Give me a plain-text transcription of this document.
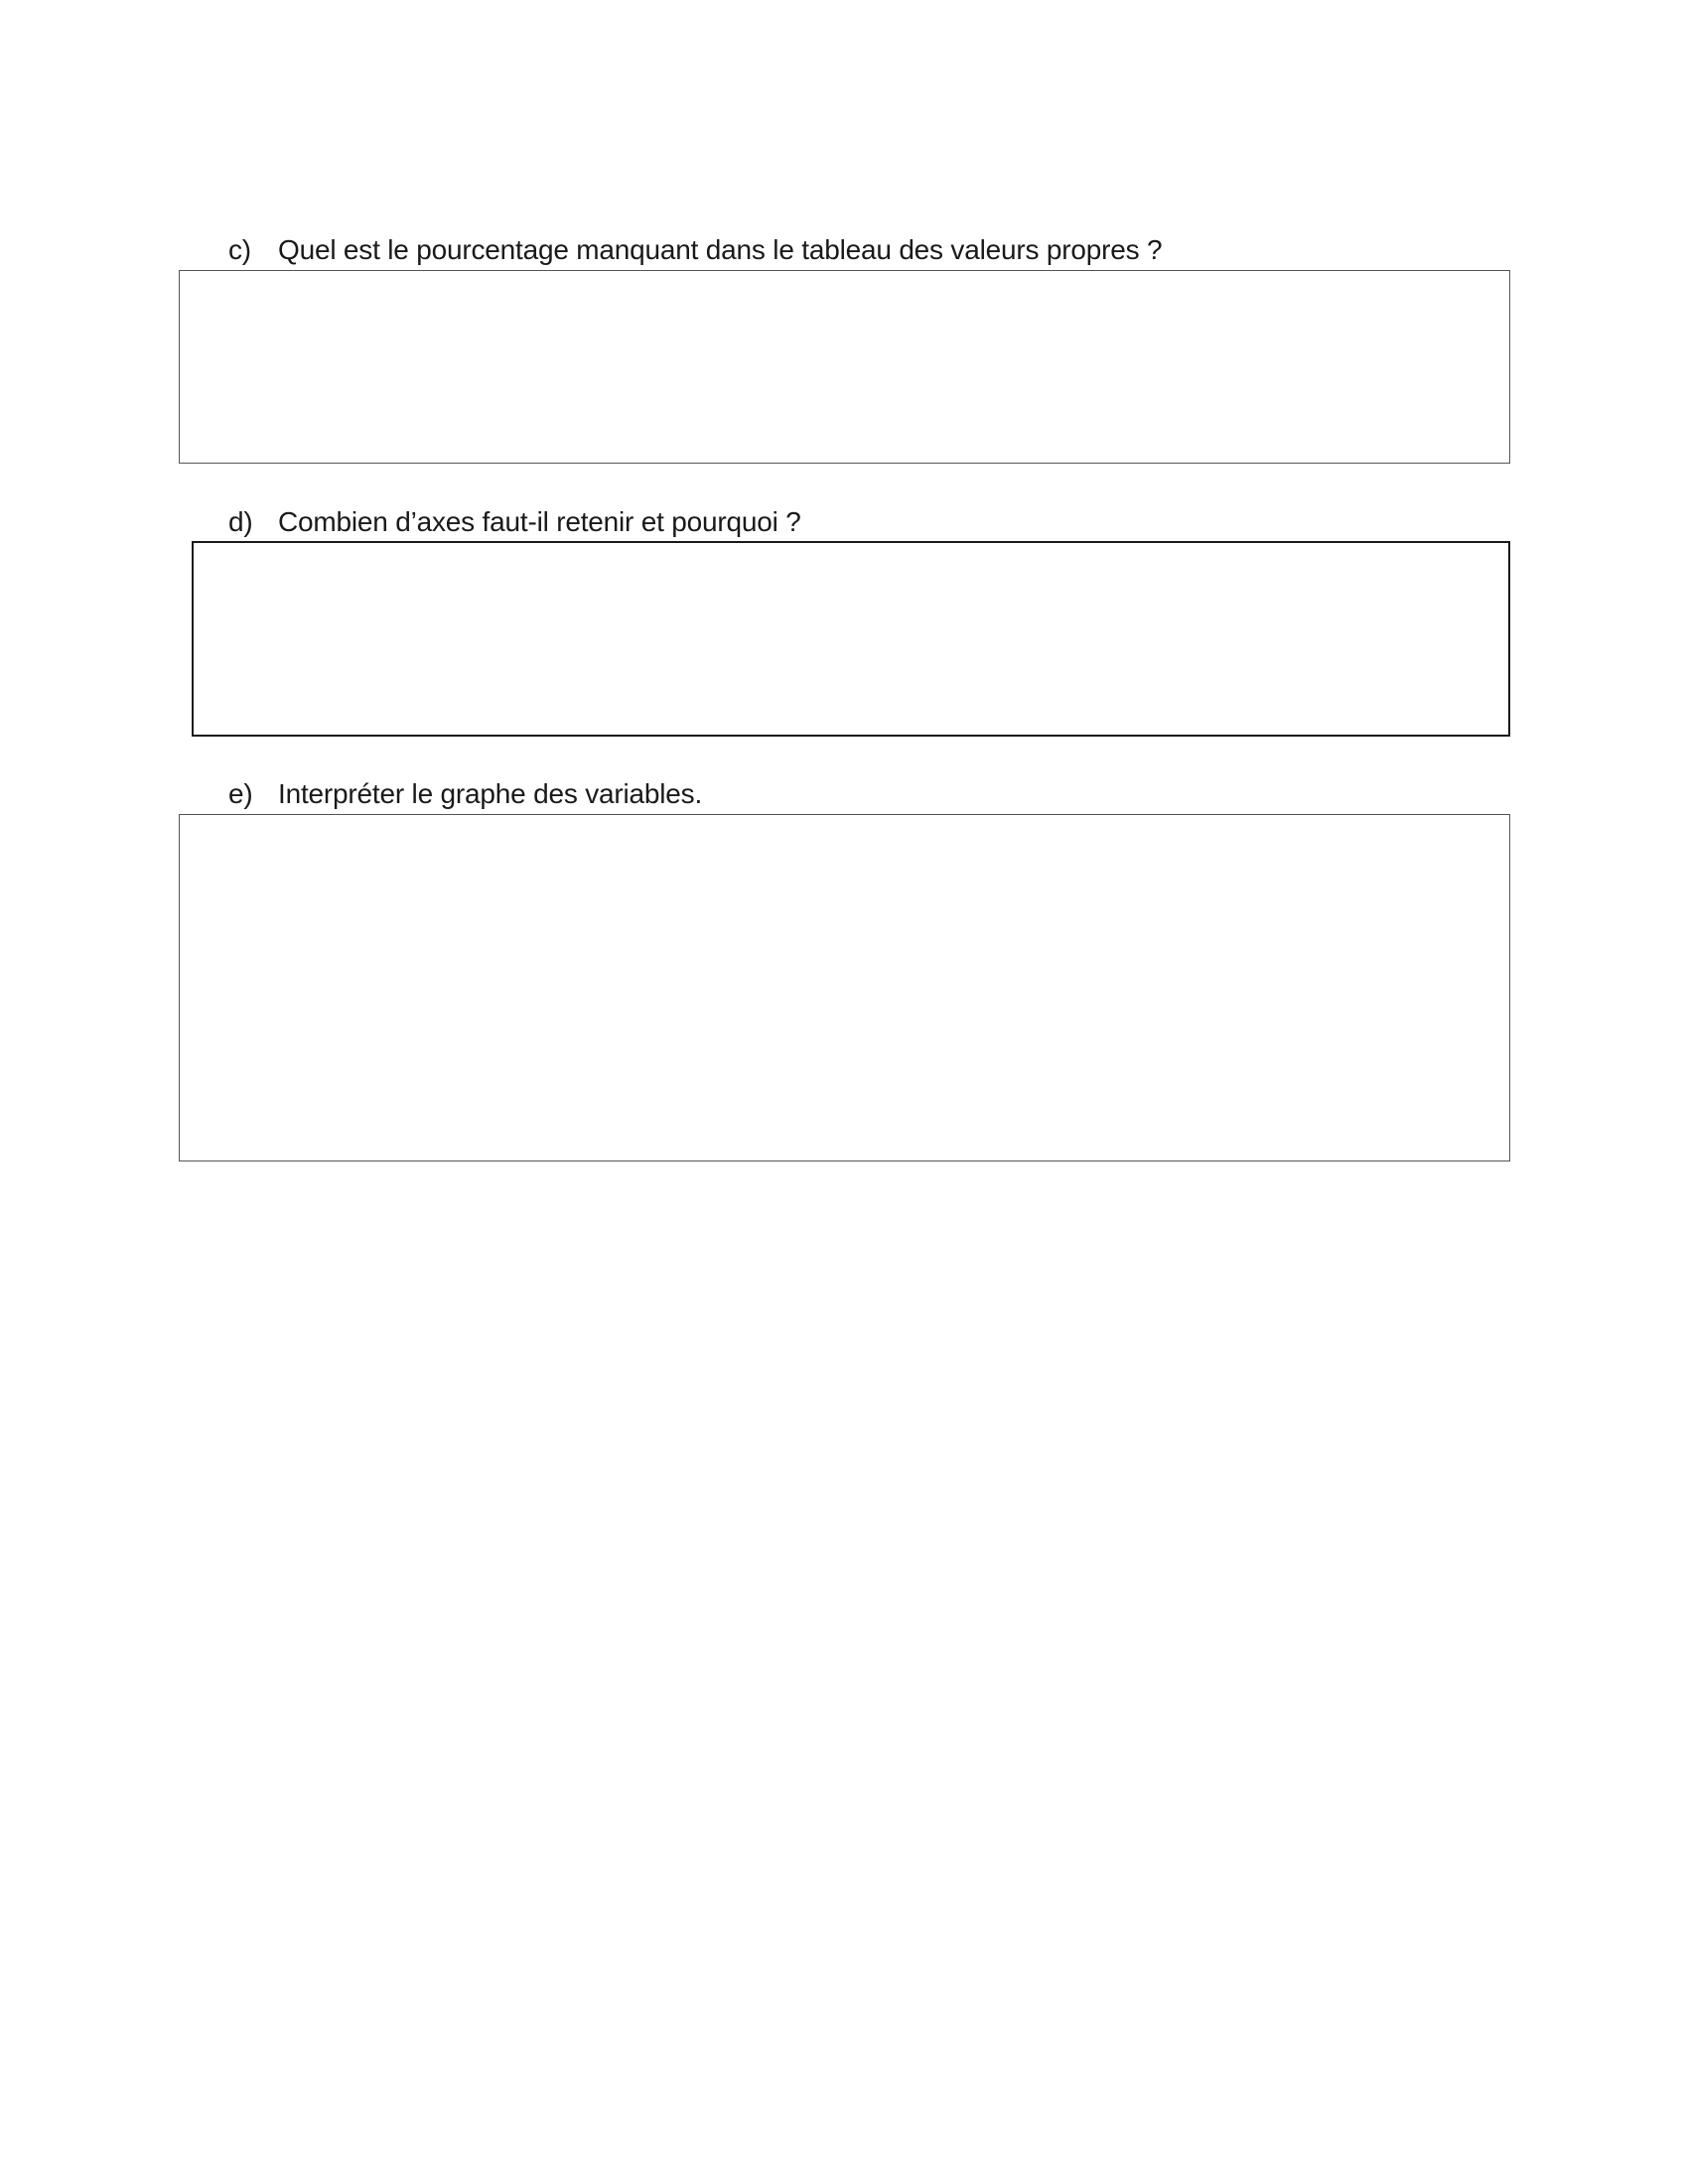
c) Quel est le pourcentage manquant dans le tableau des valeurs propres ?
d) Combien d’axes faut-il retenir et pourquoi ?
e) Interpréter le graphe des variables.
